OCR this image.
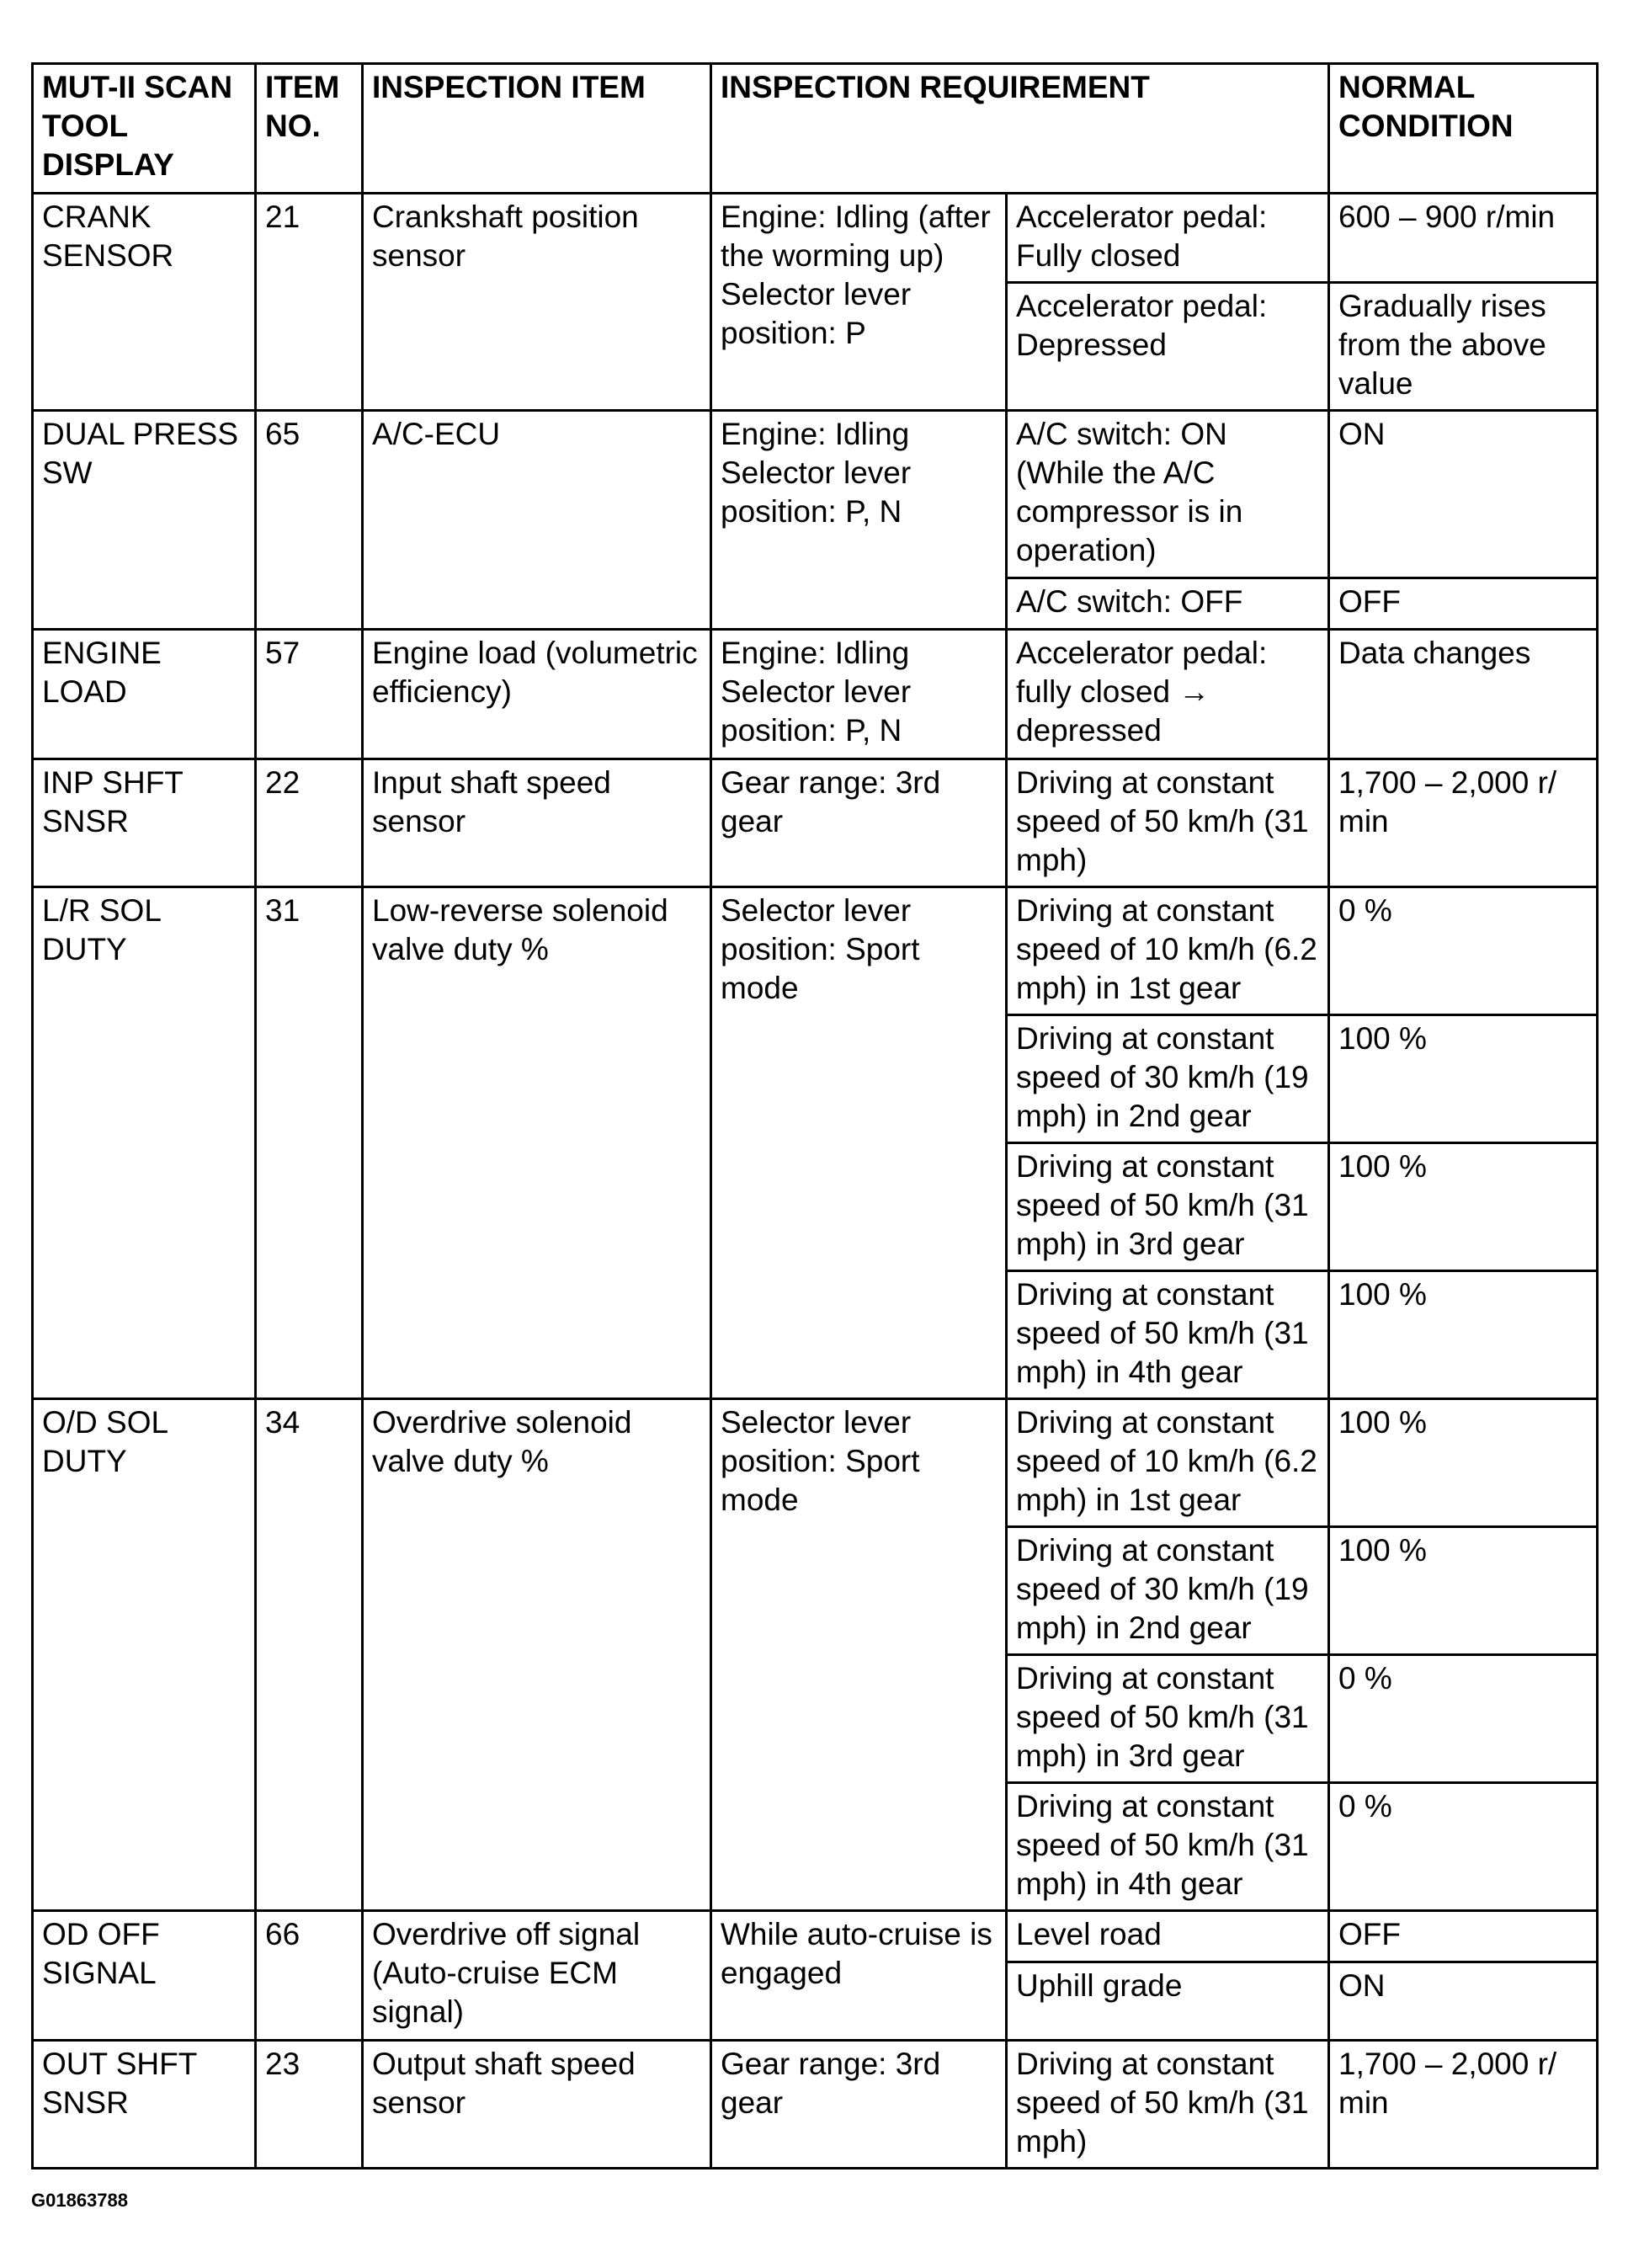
MUT-II SCAN TOOL DISPLAY	ITEM NO.	INSPECTION ITEM	INSPECTION REQUIREMENT		NORMAL CONDITION
CRANK SENSOR	21	Crankshaft position sensor	Engine: Idling (after the worming up) Selector lever position: P	Accelerator pedal: Fully closed	600 – 900 r/min
				Accelerator pedal: Depressed	Gradually rises from the above value
DUAL PRESS SW	65	A/C-ECU	Engine: Idling Selector lever position: P, N	A/C switch: ON (While the A/C compressor is in operation)	ON
				A/C switch: OFF	OFF
ENGINE LOAD	57	Engine load (volumetric efficiency)	Engine: Idling Selector lever position: P, N	Accelerator pedal: fully closed → depressed	Data changes
INP SHFT SNSR	22	Input shaft speed sensor	Gear range: 3rd gear	Driving at constant speed of 50 km/h (31 mph)	1,700 – 2,000 r/ min
L/R SOL DUTY	31	Low-reverse solenoid valve duty %	Selector lever position: Sport mode	Driving at constant speed of 10 km/h (6.2 mph) in 1st gear	0 %
				Driving at constant speed of 30 km/h (19 mph) in 2nd gear	100 %
				Driving at constant speed of 50 km/h (31 mph) in 3rd gear	100 %
				Driving at constant speed of 50 km/h (31 mph) in 4th gear	100 %
O/D SOL DUTY	34	Overdrive solenoid valve duty %	Selector lever position: Sport mode	Driving at constant speed of 10 km/h (6.2 mph) in 1st gear	100 %
				Driving at constant speed of 30 km/h (19 mph) in 2nd gear	100 %
				Driving at constant speed of 50 km/h (31 mph) in 3rd gear	0 %
				Driving at constant speed of 50 km/h (31 mph) in 4th gear	0 %
OD OFF SIGNAL	66	Overdrive off signal (Auto-cruise ECM signal)	While auto-cruise is engaged	Level road	OFF
				Uphill grade	ON
OUT SHFT SNSR	23	Output shaft speed sensor	Gear range: 3rd gear	Driving at constant speed of 50 km/h (31 mph)	1,700 – 2,000 r/ min
G01863788
